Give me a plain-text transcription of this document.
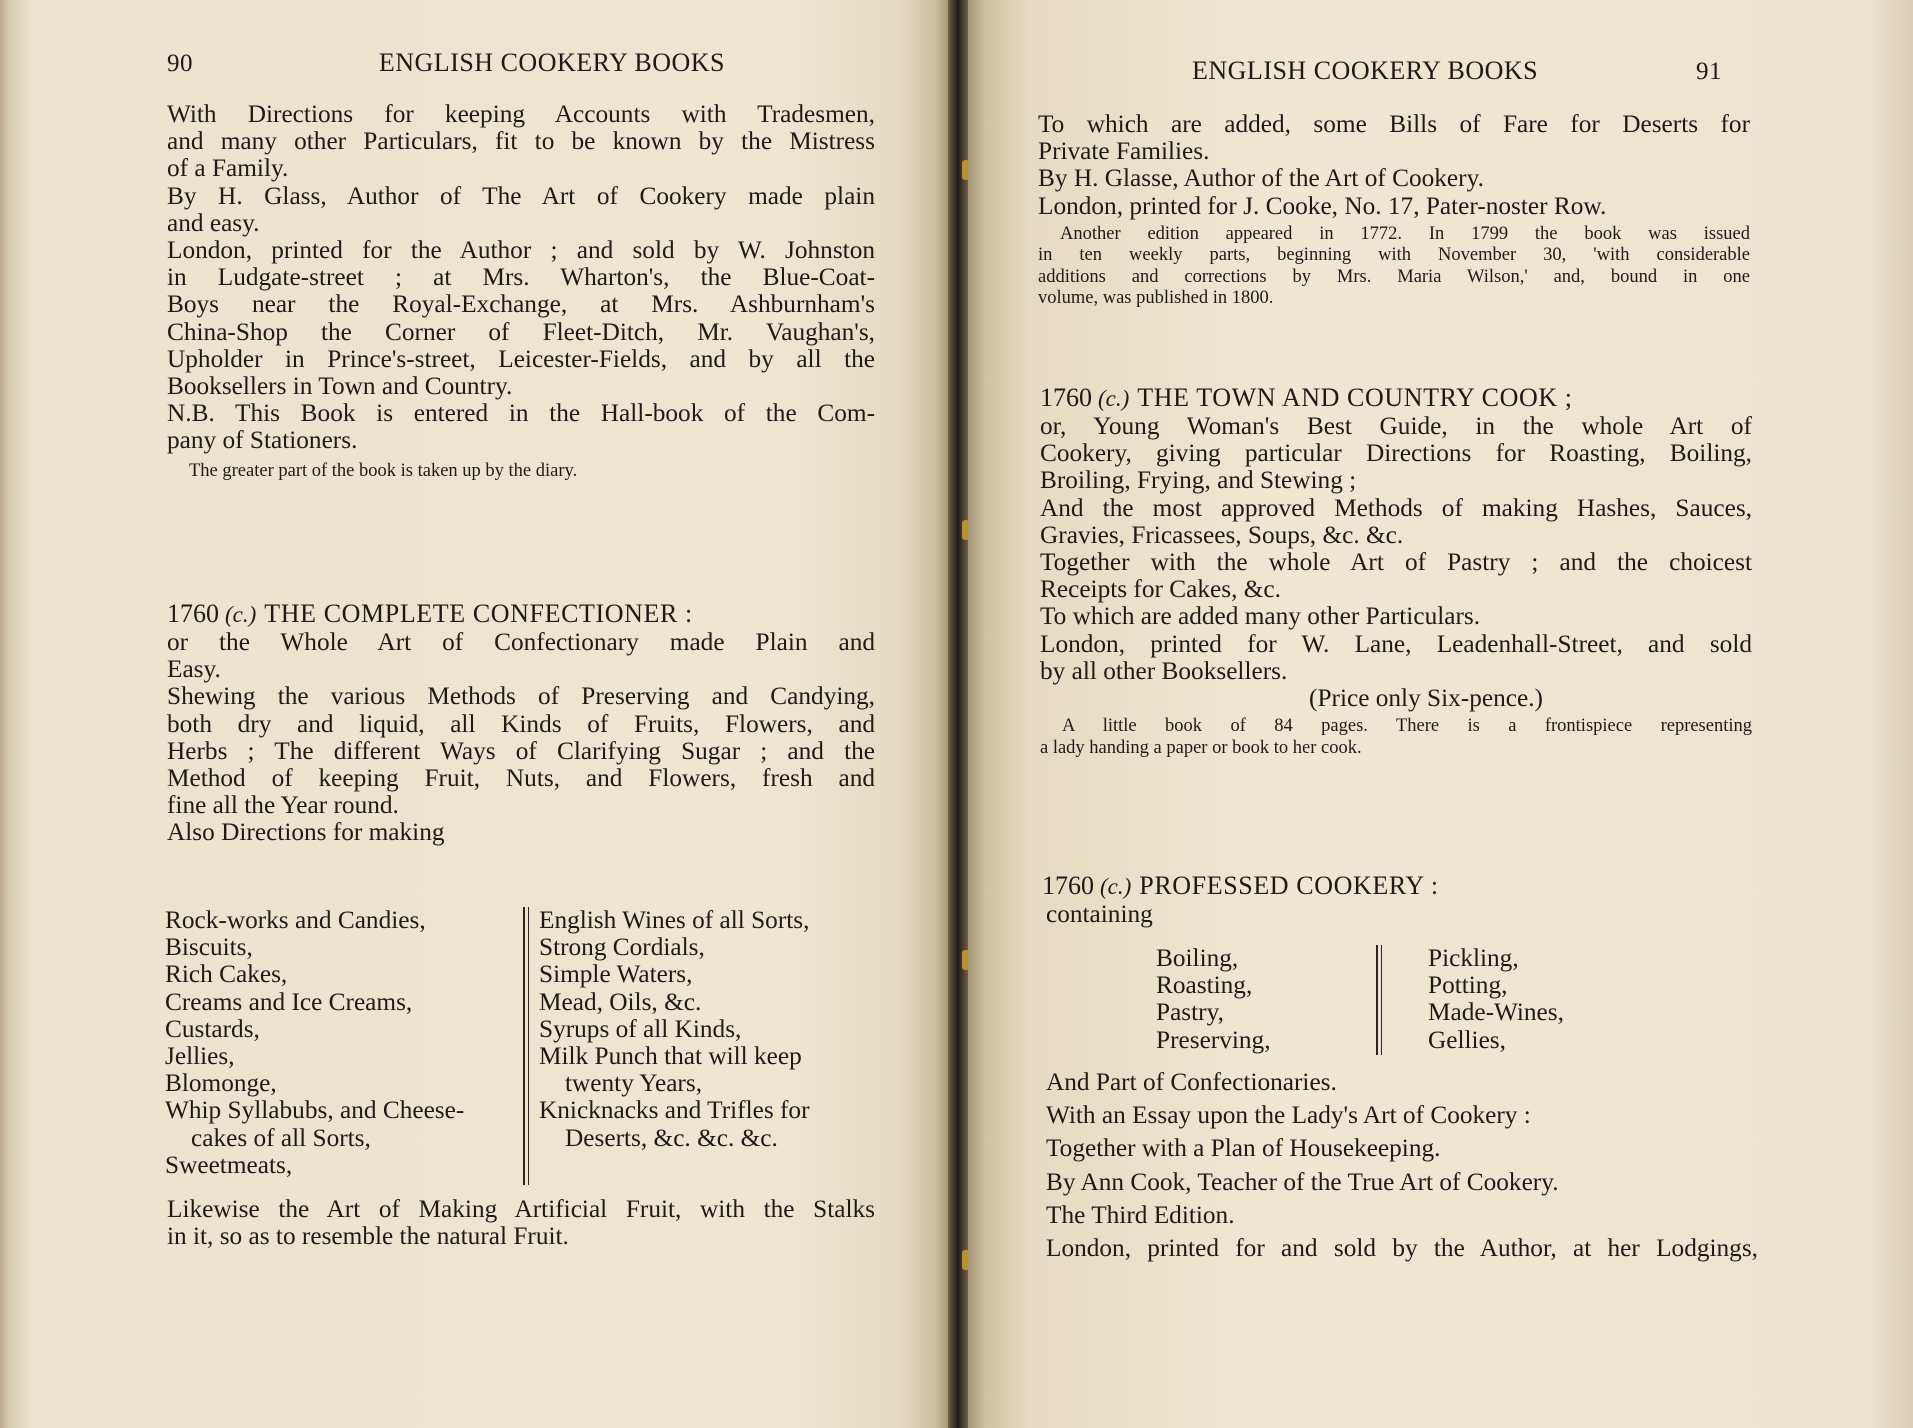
90	ENGLISH COOKERY BOOKS
With Directions for keeping Accounts with Tradesmen,
and many other Particulars, fit to be known by the Mistress
of a Family.
By H. Glass, Author of The Art of Cookery made plain
and easy.
London, printed for the Author ; and sold by W. Johnston
in Ludgate-street ; at Mrs. Wharton's, the Blue-Coat-
Boys near the Royal-Exchange, at Mrs. Ashburnham's
China-Shop the Corner of Fleet-Ditch, Mr. Vaughan's,
Upholder in Prince's-street, Leicester-Fields, and by all the
Booksellers in Town and Country.
N.B. This Book is entered in the Hall-book of the Com-
pany of Stationers.
The greater part of the book is taken up by the diary.
1760 (c.) THE COMPLETE CONFECTIONER :
or the Whole Art of Confectionary made Plain and
Easy.
Shewing the various Methods of Preserving and Candying,
both dry and liquid, all Kinds of Fruits, Flowers, and
Herbs ; The different Ways of Clarifying Sugar ; and the
Method of keeping Fruit, Nuts, and Flowers, fresh and
fine all the Year round.
Also Directions for making
Rock-works and Candies,
Biscuits,
Rich Cakes,
Creams and Ice Creams,
Custards,
Jellies,
Blomonge,
Whip Syllabubs, and Cheese-
cakes of all Sorts,
Sweetmeats,
English Wines of all Sorts,
Strong Cordials,
Simple Waters,
Mead, Oils, &c.
Syrups of all Kinds,
Milk Punch that will keep
twenty Years,
Knicknacks and Trifles for
Deserts, &c. &c. &c.
Likewise the Art of Making Artificial Fruit, with the Stalks
in it, so as to resemble the natural Fruit.
ENGLISH COOKERY BOOKS	91
To which are added, some Bills of Fare for Deserts for
Private Families.
By H. Glasse, Author of the Art of Cookery.
London, printed for J. Cooke, No. 17, Pater-noster Row.
Another edition appeared in 1772. In 1799 the book was issued
in ten weekly parts, beginning with November 30, 'with considerable
additions and corrections by Mrs. Maria Wilson,' and, bound in one
volume, was published in 1800.
1760 (c.) THE TOWN AND COUNTRY COOK ;
or, Young Woman's Best Guide, in the whole Art of
Cookery, giving particular Directions for Roasting, Boiling,
Broiling, Frying, and Stewing ;
And the most approved Methods of making Hashes, Sauces,
Gravies, Fricassees, Soups, &c. &c.
Together with the whole Art of Pastry ; and the choicest
Receipts for Cakes, &c.
To which are added many other Particulars.
London, printed for W. Lane, Leadenhall-Street, and sold
by all other Booksellers.
(Price only Six-pence.)
A little book of 84 pages. There is a frontispiece representing
a lady handing a paper or book to her cook.
1760 (c.) PROFESSED COOKERY :
containing
Boiling,
Roasting,
Pastry,
Preserving,
Pickling,
Potting,
Made-Wines,
Gellies,
And Part of Confectionaries.
With an Essay upon the Lady's Art of Cookery :
Together with a Plan of Housekeeping.
By Ann Cook, Teacher of the True Art of Cookery.
The Third Edition.
London, printed for and sold by the Author, at her Lodgings,
